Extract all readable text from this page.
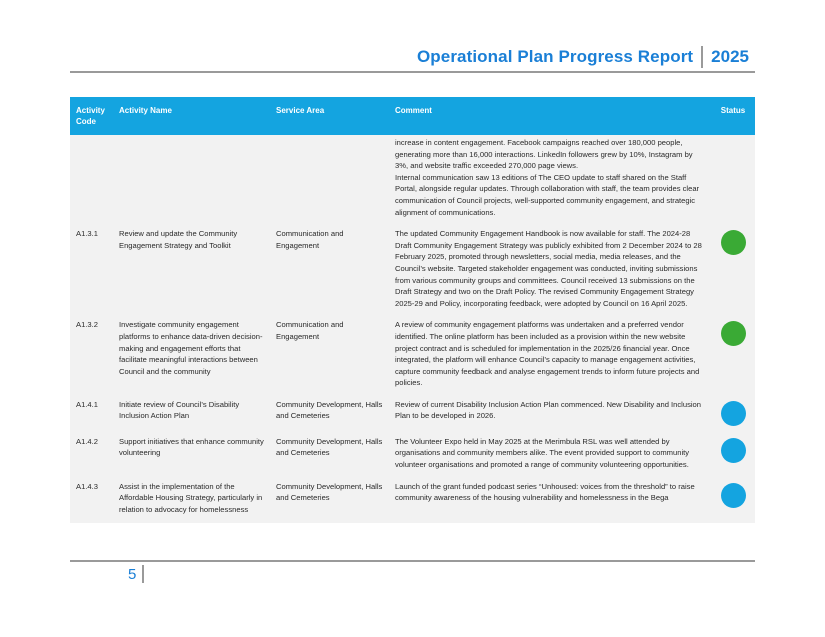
Operational Plan Progress Report 2025
Activity Code	Activity Name	Service Area	Comment	Status

			increase in content engagement. Facebook campaigns reached over 180,000 people, generating more than 16,000 interactions. LinkedIn followers grew by 10%, Instagram by 3%, and website traffic exceeded 270,000 page views.
Internal communication saw 13 editions of The CEO update to staff shared on the Staff Portal, alongside regular updates. Through collaboration with staff, the team provides clear communication of Council projects, well-supported community engagement, and strategic alignment of communications.	

A1.3.1	Review and update the Community Engagement Strategy and Toolkit	Communication and Engagement	The updated Community Engagement Handbook is now available for staff. The 2024-28 Draft Community Engagement Strategy was publicly exhibited from 2 December 2024 to 28 February 2025, promoted through newsletters, social media, media releases, and the Council’s website. Targeted stakeholder engagement was conducted, inviting submissions from various community groups and committees. Council received 13 submissions on the Draft Strategy and two on the Draft Policy. The revised Community Engagement Strategy 2025-29 and Policy, incorporating feedback, were adopted by Council on 16 April 2025.	

A1.3.2	Investigate community engagement platforms to enhance data-driven decision-making and engagement efforts that facilitate meaningful interactions between Council and the community	Communication and Engagement	A review of community engagement platforms was undertaken and a preferred vendor identified. The online platform has been included as a provision within the new website project contract and is scheduled for implementation in the 2025/26 financial year. Once integrated, the platform will enhance Council’s capacity to manage engagement activities, capture community feedback and analyse engagement trends to inform future projects and policies.	

A1.4.1	Initiate review of Council’s Disability Inclusion Action Plan	Community Development, Halls and Cemeteries	Review of current Disability Inclusion Action Plan commenced. New Disability and Inclusion Plan to be developed in 2026.	

A1.4.2	Support initiatives that enhance community volunteering	Community Development, Halls and Cemeteries	The Volunteer Expo held in May 2025 at the Merimbula RSL was well attended by organisations and community members alike. The event provided support to community volunteer organisations and promoted a range of community volunteering opportunities.	

A1.4.3	Assist in the implementation of the Affordable Housing Strategy, particularly in relation to advocacy for homelessness	Community Development, Halls and Cemeteries	Launch of the grant funded podcast series “Unhoused: voices from the threshold” to raise community awareness of the housing vulnerability and homelessness in the Bega	
5
